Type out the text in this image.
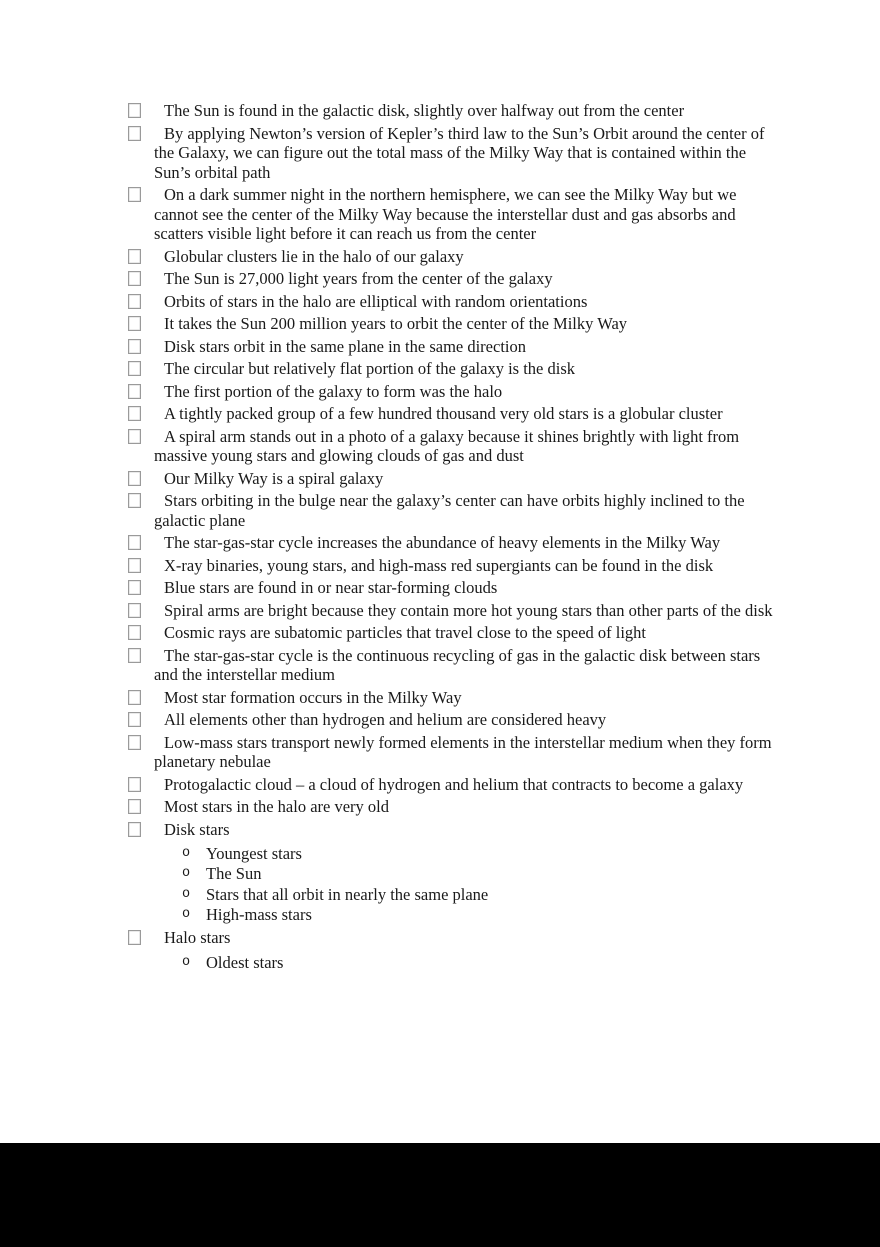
The Sun is found in the galactic disk, slightly over halfway out from the center
By applying Newton’s version of Kepler’s third law to the Sun’s Orbit around the center of the Galaxy, we can figure out the total mass of the Milky Way that is contained within the Sun’s orbital path
On a dark summer night in the northern hemisphere, we can see the Milky Way but we cannot see the center of the Milky Way because the interstellar dust and gas absorbs and scatters visible light before it can reach us from the center
Globular clusters lie in the halo of our galaxy
The Sun is 27,000 light years from the center of the galaxy
Orbits of stars in the halo are elliptical with random orientations
It takes the Sun 200 million years to orbit the center of the Milky Way
Disk stars orbit in the same plane in the same direction
The circular but relatively flat portion of the galaxy is the disk
The first portion of the galaxy to form was the halo
A tightly packed group of a few hundred thousand very old stars is a globular cluster
A spiral arm stands out in a photo of a galaxy because it shines brightly with light from massive young stars and glowing clouds of gas and dust
Our Milky Way is a spiral galaxy
Stars orbiting in the bulge near the galaxy’s center can have orbits highly inclined to the galactic plane
The star-gas-star cycle increases the abundance of heavy elements in the Milky Way
X-ray binaries, young stars, and high-mass red supergiants can be found in the disk
Blue stars are found in or near star-forming clouds
Spiral arms are bright because they contain more hot young stars than other parts of the disk
Cosmic rays are subatomic particles that travel close to the speed of light
The star-gas-star cycle is the continuous recycling of gas in the galactic disk between stars and the interstellar medium
Most star formation occurs in the Milky Way
All elements other than hydrogen and helium are considered heavy
Low-mass stars transport newly formed elements in the interstellar medium when they form planetary nebulae
Protogalactic cloud – a cloud of hydrogen and helium that contracts to become a galaxy
Most stars in the halo are very old
Disk stars
o Youngest stars
o The Sun
o Stars that all orbit in nearly the same plane
o High-mass stars
Halo stars
o Oldest stars
